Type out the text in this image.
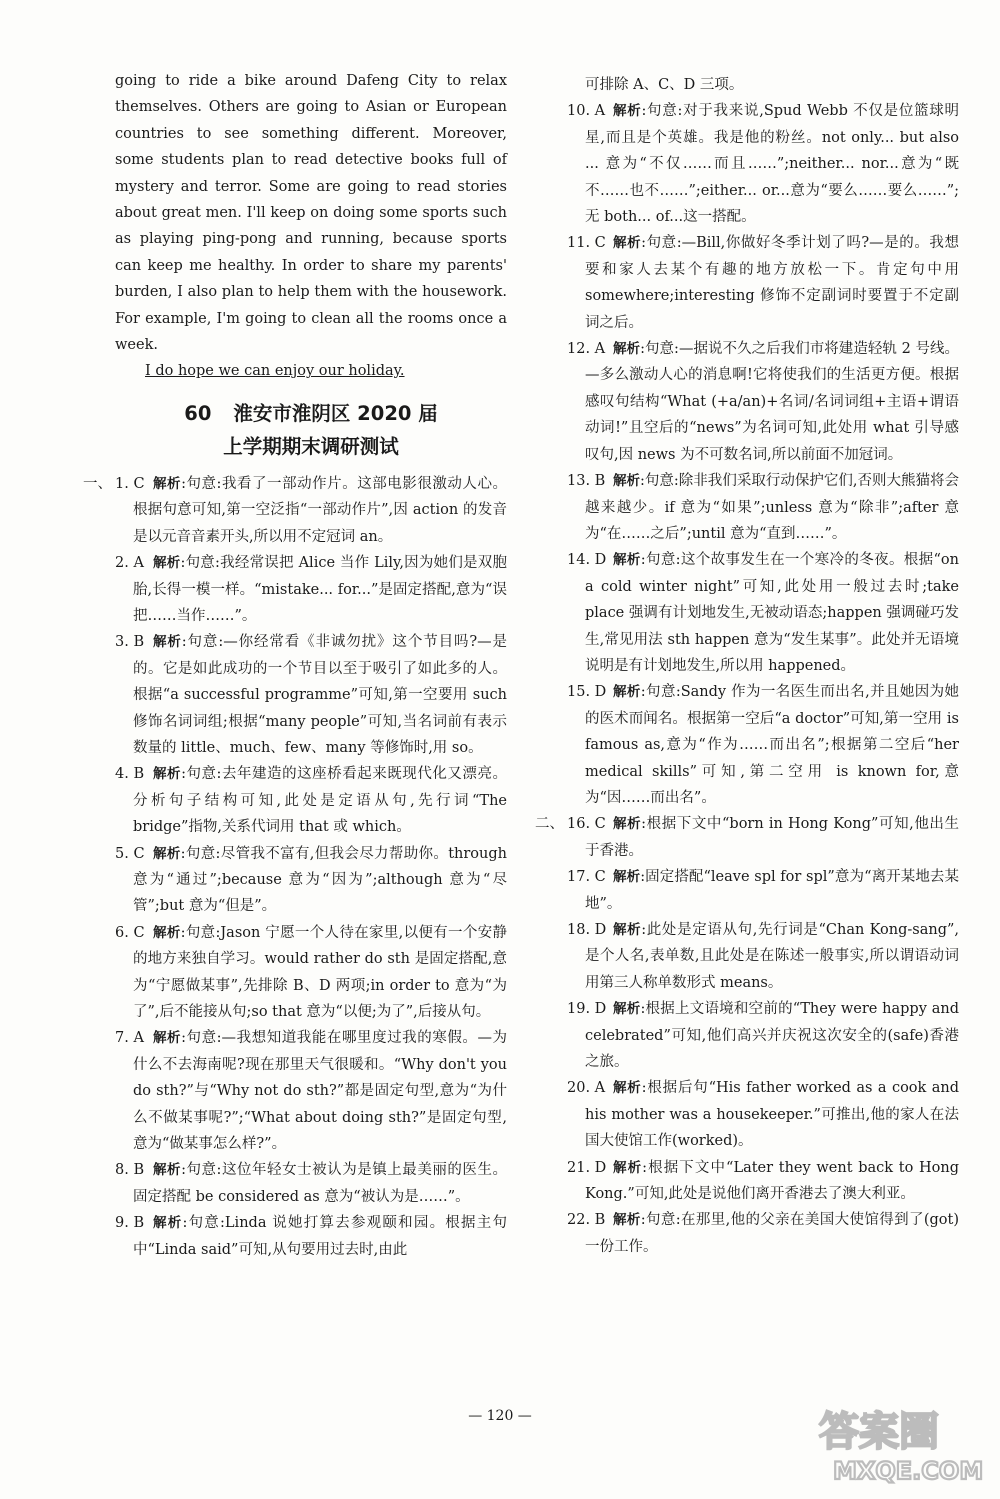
going to ride a bike around Dafeng City to relax themselves. Others are going to Asian or European countries to see something different. Moreover, some students plan to read detective books full of mystery and terror. Some are going to read stories about great men. I'll keep on doing some sports such as playing ping-pong and running, because sports can keep me healthy. In order to share my parents' burden, I also plan to help them with the housework. For example, I'm going to clean all the rooms once a week.

I do hope we can enjoy our holiday.

60 淮安市淮阴区 2020 届
上学期期末调研测试

一、 1. C 解析:句意:我看了一部动作片。这部电影很激动人心。根据句意可知,第一空泛指“一部动作片”,因 action 的发音是以元音音素开头,所以用不定冠词 an。

2. A 解析:句意:我经常误把 Alice 当作 Lily,因为她们是双胞胎,长得一模一样。“mistake... for...”是固定搭配,意为“误把……当作……”。

3. B 解析:句意:—你经常看《非诚勿扰》这个节目吗?—是的。它是如此成功的一个节目以至于吸引了如此多的人。根据“a successful programme”可知,第一空要用 such 修饰名词词组;根据“many people”可知,当名词前有表示数量的 little、much、few、many 等修饰时,用 so。

4. B 解析:句意:去年建造的这座桥看起来既现代化又漂亮。分析句子结构可知,此处是定语从句,先行词“The bridge”指物,关系代词用 that 或 which。

5. C 解析:句意:尽管我不富有,但我会尽力帮助你。through 意为“通过”;because 意为“因为”;although 意为“尽管”;but 意为“但是”。

6. C 解析:句意:Jason 宁愿一个人待在家里,以便有一个安静的地方来独自学习。would rather do sth 是固定搭配,意为“宁愿做某事”,先排除 B、D 两项;in order to 意为“为了”,后不能接从句;so that 意为“以便;为了”,后接从句。

7. A 解析:句意:—我想知道我能在哪里度过我的寒假。—为什么不去海南呢?现在那里天气很暖和。“Why don't you do sth?”与“Why not do sth?”都是固定句型,意为“为什么不做某事呢?”;“What about doing sth?”是固定句型,意为“做某事怎么样?”。

8. B 解析:句意:这位年轻女士被认为是镇上最美丽的医生。固定搭配 be considered as 意为“被认为是……”。

9. B 解析:句意:Linda 说她打算去参观颐和园。根据主句中“Linda said”可知,从句要用过去时,由此

可排除 A、C、D 三项。

10. A 解析:句意:对于我来说,Spud Webb 不仅是位篮球明星,而且是个英雄。我是他的粉丝。not only... but also ... 意为“不仅……而且……”;neither... nor...意为“既不……也不……”;either... or...意为“要么……要么……”;无 both... of...这一搭配。

11. C 解析:句意:—Bill,你做好冬季计划了吗?—是的。我想要和家人去某个有趣的地方放松一下。肯定句中用 somewhere;interesting 修饰不定副词时要置于不定副词之后。

12. A 解析:句意:—据说不久之后我们市将建造轻轨 2 号线。—多么激动人心的消息啊!它将使我们的生活更方便。根据感叹句结构“What (+a/an)+名词/名词词组+主语+谓语动词!”且空后的“news”为名词可知,此处用 what 引导感叹句,因 news 为不可数名词,所以前面不加冠词。

13. B 解析:句意:除非我们采取行动保护它们,否则大熊猫将会越来越少。if 意为“如果”;unless 意为“除非”;after 意为“在……之后”;until 意为“直到……”。

14. D 解析:句意:这个故事发生在一个寒冷的冬夜。根据“on a cold winter night”可知,此处用一般过去时;take place 强调有计划地发生,无被动语态;happen 强调碰巧发生,常见用法 sth happen 意为“发生某事”。此处并无语境说明是有计划地发生,所以用 happened。

15. D 解析:句意:Sandy 作为一名医生而出名,并且她因为她的医术而闻名。根据第一空后“a doctor”可知,第一空用 is famous as,意为“作为……而出名”;根据第二空后“her medical skills”可知,第二空用 is known for,意为“因……而出名”。

二、 16. C 解析:根据下文中“born in Hong Kong”可知,他出生于香港。

17. C 解析:固定搭配“leave spl for spl”意为“离开某地去某地”。

18. D 解析:此处是定语从句,先行词是“Chan Kong-sang”,是个人名,表单数,且此处是在陈述一般事实,所以谓语动词用第三人称单数形式 means。

19. D 解析:根据上文语境和空前的“They were happy and celebrated”可知,他们高兴并庆祝这次安全的(safe)香港之旅。

20. A 解析:根据后句“His father worked as a cook and his mother was a housekeeper.”可推出,他的家人在法国大使馆工作(worked)。

21. D 解析:根据下文中“Later they went back to Hong Kong.”可知,此处是说他们离开香港去了澳大利亚。

22. B 解析:句意:在那里,他的父亲在美国大使馆得到了(got)一份工作。

— 120 —	答案圈
MXQE.COM
